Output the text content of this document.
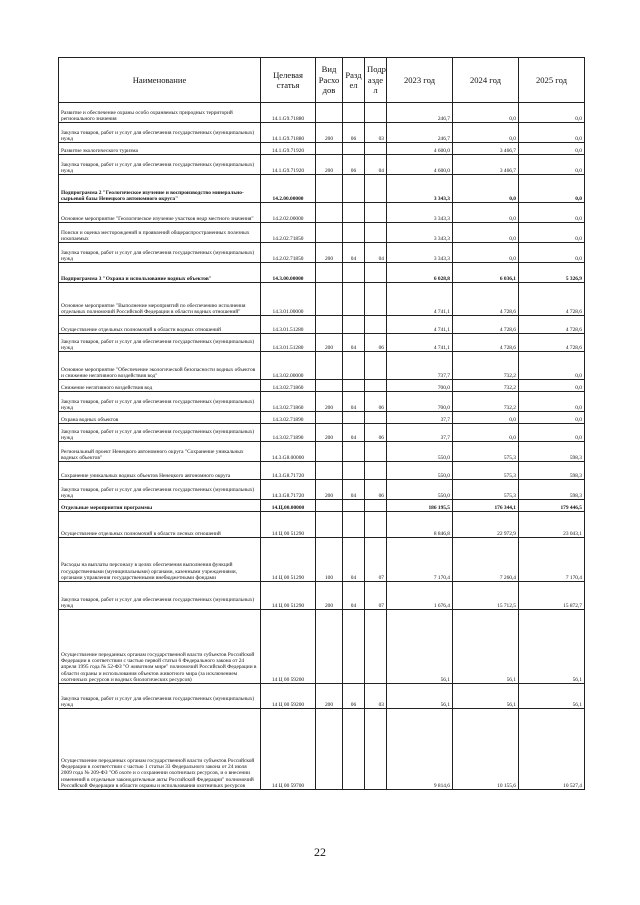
Наименование	Целевая статья	Вид Расхо дов	Разд ел	Подр азде л	2023 год	2024 год	2025 год
Развитие и обеспечение охраны особо охраняемых природных территорий регионального значения	14.1.G9.71880				246,7	0,0	0,0
Закупка товаров, работ и услуг для обеспечения государственных (муниципальных) нужд	14.1.G9.71880	200	06	03	246,7	0,0	0,0
Развитие экологического туризма	14.1.G9.71920				4 600,0	3 466,7	0,0
Закупка товаров, работ и услуг для обеспечения государственных (муниципальных) нужд	14.1.G9.71920	200	06	04	4 600,0	3 466,7	0,0
Подпрограмма 2 "Геологическое изучение и воспроизводство минерально-сырьевой базы Ненецкого автономного округа"	14.2.00.00000				3 343,3	0,0	0,0
Основное мероприятие "Геологическое изучение участков недр местного значения"	14.2.02.00000				3 343,3	0,0	0,0
Поиски и оценка месторождений и проявлений общераспространенных полезных ископаемых	14.2.02.71850				3 343,3	0,0	0,0
Закупка товаров, работ и услуг для обеспечения государственных (муниципальных) нужд	14.2.02.71850	200	04	04	3 343,3	0,0	0,0
Подпрограмма 3 "Охрана и использование водных объектов"	14.3.00.00000				6 028,8	6 036,1	5 326,9
Основное мероприятие "Выполнение мероприятий по обеспечению исполнения отдельных полномочий Российской Федерации в области водных отношений"	14.3.01.00000				4 741,1	4 728,6	4 728,6
Осуществление отдельных полномочий в области водных отношений	14.3.01.51280				4 741,1	4 728,6	4 728,6
Закупка товаров, работ и услуг для обеспечения государственных (муниципальных) нужд	14.3.01.51280	200	04	06	4 741,1	4 728,6	4 728,6
Основное мероприятие "Обеспечение экологической безопасности водных объектов и снижение негативного воздействия вод"	14.3.02.00000				737,7	732,2	0,0
Снижение негативного воздействия вод	14.3.02.71860				700,0	732,2	0,0
Закупка товаров, работ и услуг для обеспечения государственных (муниципальных) нужд	14.3.02.71860	200	04	06	700,0	732,2	0,0
Охрана водных объектов	14.3.02.71890				37,7	0,0	0,0
Закупка товаров, работ и услуг для обеспечения государственных (муниципальных) нужд	14.3.02.71890	200	04	06	37,7	0,0	0,0
Региональный проект Ненецкого автономного округа "Сохранение уникальных водных объектов"	14.3.G8.00000				550,0	575,3	598,3
Сохранение уникальных водных объектов Ненецкого автономного округа	14.3.G8.71720				550,0	575,3	598,3
Закупка товаров, работ и услуг для обеспечения государственных (муниципальных) нужд	14.3.G8.71720	200	04	06	550,0	575,3	598,3
Отдельные мероприятия программы	14.Ц.00.00000				186 195,5	176 344,1	179 446,5
Осуществление отдельных полномочий в области лесных отношений	14 Ц 00 51290				8 846,8	22 972,9	23 043,1
Расходы на выплаты персоналу в целях обеспечения выполнения функций государственными (муниципальными) органами, казенными учреждениями, органами управления государственными внебюджетными фондами	14 Ц 00 51290	100	04	07	7 170,4	7 260,4	7 170,4
Закупка товаров, работ и услуг для обеспечения государственных (муниципальных) нужд	14 Ц 00 51290	200	04	07	1 676,4	15 712,5	15 872,7
Осуществление переданных органам государственной власти субъектов Российской Федерации в соответствии с частью первой статьи 6 Федерального закона от 24 апреля 1995 года № 52-ФЗ "О животном мире" полномочий Российской Федерации в области охраны и использования объектов животного мира (за исключением охотничьих ресурсов и водных биологических ресурсов)	14 Ц 00 59200				56,1	56,1	56,1
Закупка товаров, работ и услуг для обеспечения государственных (муниципальных) нужд	14 Ц 00 59200	200	06	03	56,1	56,1	56,1
Осуществление переданных органам государственной власти субъектов Российской Федерации в соответствии с частью 1 статьи 33 Федерального закона от 24 июля 2009 года № 209-ФЗ "Об охоте и о сохранении охотничьих ресурсов, и о внесении изменений в отдельные законодательные акты Российской Федерации" полномочий Российской Федерации в области охраны и использования охотничьих ресурсов	14 Ц 00 59700				9 814,6	10 155,6	10 527,4
22
